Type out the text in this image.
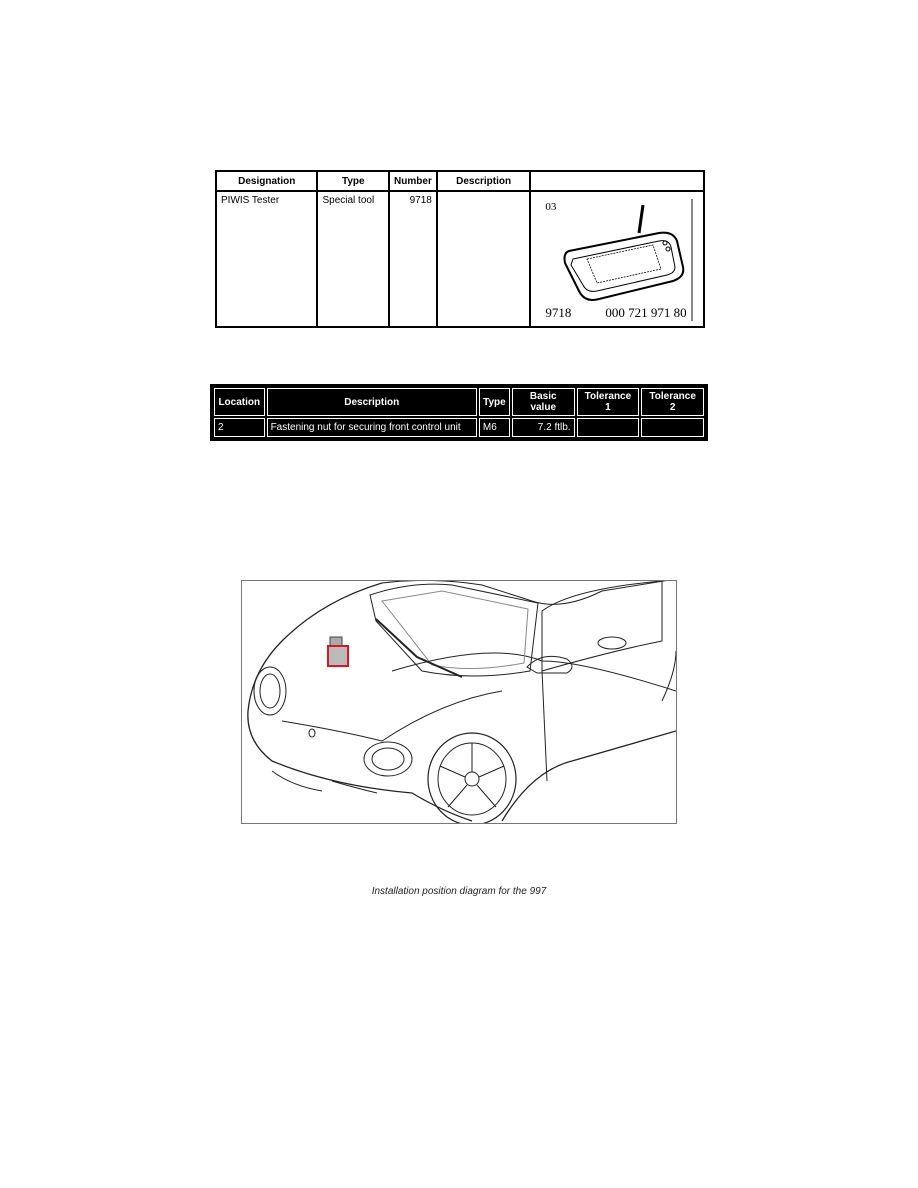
Designation	Type	Number	Description	
PIWIS Tester	Special tool	9718		03
9718 000 721 971 80
Location	Description	Type	Basic value	Tolerance 1	Tolerance 2
2	Fastening nut for securing front control unit	M6	7.2 ftlb.		
Installation position diagram for the 997
